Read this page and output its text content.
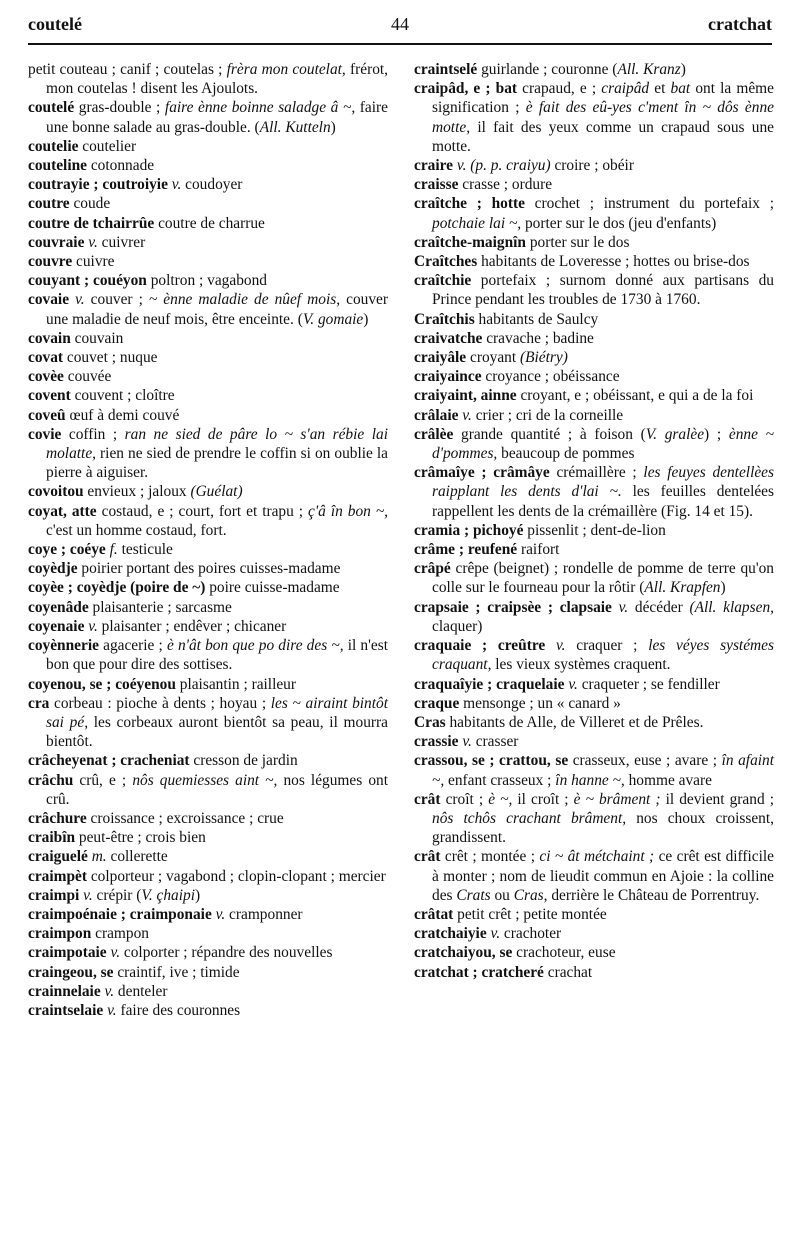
coutelé	44	cratchat

petit couteau ; canif ; coutelas ; frèra mon coutelat, frérot, mon coutelas ! disent les Ajoulots.

coutelé gras-double ; faire ènne boinne saladge â ~, faire une bonne salade au gras-double. (All. Kutteln)

coutelie coutelier

couteline cotonnade

coutrayie ; coutroiyie v. coudoyer

coutre coude

coutre de tchairrûe coutre de charrue

couvraie v. cuivrer

couvre cuivre

couyant ; couéyon poltron ; vagabond

covaie v. couver ; ~ ènne maladie de nûef mois, couver une maladie de neuf mois, être enceinte. (V. gomaie)

covain couvain

covat couvet ; nuque

covèe couvée

covent couvent ; cloître

coveû œuf à demi couvé

covie coffin ; ran ne sied de pâre lo ~ s'an rébie lai molatte, rien ne sied de prendre le coffin si on oublie la pierre à aiguiser.

covoitou envieux ; jaloux (Guélat)

coyat, atte costaud, e ; court, fort et trapu ; ç'â în bon ~, c'est un homme costaud, fort.

coye ; coéye f. testicule

coyèdje poirier portant des poires cuisses-madame

coyèe ; coyèdje (poire de ~) poire cuisse-madame

coyenâde plaisanterie ; sarcasme

coyenaie v. plaisanter ; endêver ; chicaner

coyènnerie agacerie ; è n'ât bon que po dire des ~, il n'est bon que pour dire des sottises.

coyenou, se ; coéyenou plaisantin ; railleur

cra corbeau : pioche à dents ; hoyau ; les ~ airaint bintôt sai pé, les corbeaux auront bientôt sa peau, il mourra bientôt.

crâcheyenat ; cracheniat cresson de jardin

crâchu crû, e ; nôs quemiesses aint ~, nos légumes ont crû.

crâchure croissance ; excroissance ; crue

craibîn peut-être ; crois bien

craiguelé m. collerette

craimpèt colporteur ; vagabond ; clopin-clopant ; mercier

craimpi v. crépir (V. çhaipi)

craimpoénaie ; craimponaie v. cramponner

craimpon crampon

craimpotaie v. colporter ; répandre des nouvelles

craingeou, se craintif, ive ; timide

crainnelaie v. denteler

craintselaie v. faire des couronnes

craintselé guirlande ; couronne (All. Kranz)

craipâd, e ; bat crapaud, e ; craipâd et bat ont la même signification ; è fait des eû-yes c'ment în ~ dôs ènne motte, il fait des yeux comme un crapaud sous une motte.

craire v. (p. p. craiyu) croire ; obéir

craisse crasse ; ordure

craîtche ; hotte crochet ; instrument du portefaix ; potchaie lai ~, porter sur le dos (jeu d'enfants)

craîtche-maignîn porter sur le dos

Craîtches habitants de Loveresse ; hottes ou brise-dos

craîtchie portefaix ; surnom donné aux partisans du Prince pendant les troubles de 1730 à 1760.

Craîtchis habitants de Saulcy

craivatche cravache ; badine

craiyâle croyant (Biétry)

craiyaince croyance ; obéissance

craiyaint, ainne croyant, e ; obéissant, e qui a de la foi

crâlaie v. crier ; cri de la corneille

crâlèe grande quantité ; à foison (V. gralèe) ; ènne ~ d'pommes, beaucoup de pommes

crâmaîye ; crâmâye crémaillère ; les feuyes dentellèes raipplant les dents d'lai ~. les feuilles dentelées rappellent les dents de la crémaillère (Fig. 14 et 15).

cramia ; pichoyé pissenlit ; dent-de-lion

crâme ; reufené raifort

crâpé crêpe (beignet) ; rondelle de pomme de terre qu'on colle sur le fourneau pour la rôtir (All. Krapfen)

crapsaie ; craipsèe ; clapsaie v. décéder (All. klapsen, claquer)

craquaie ; creûtre v. craquer ; les véyes systémes craquant, les vieux systèmes craquent.

craquaîyie ; craquelaie v. craqueter ; se fendiller

craque mensonge ; un « canard »

Cras habitants de Alle, de Villeret et de Prêles.

crassie v. crasser

crassou, se ; crattou, se crasseux, euse ; avare ; în afaint ~, enfant crasseux ; în hanne ~, homme avare

crât croît ; è ~, il croît ; è ~ brâment ; il devient grand ; nôs tchôs crachant brâment, nos choux croissent, grandissent.

crât crêt ; montée ; ci ~ ât métchaint ; ce crêt est difficile à monter ; nom de lieudit commun en Ajoie : la colline des Crats ou Cras, derrière le Château de Porrentruy.

crâtat petit crêt ; petite montée

cratchaiyie v. crachoter

cratchaiyou, se crachoteur, euse

cratchat ; cratcheré crachat
